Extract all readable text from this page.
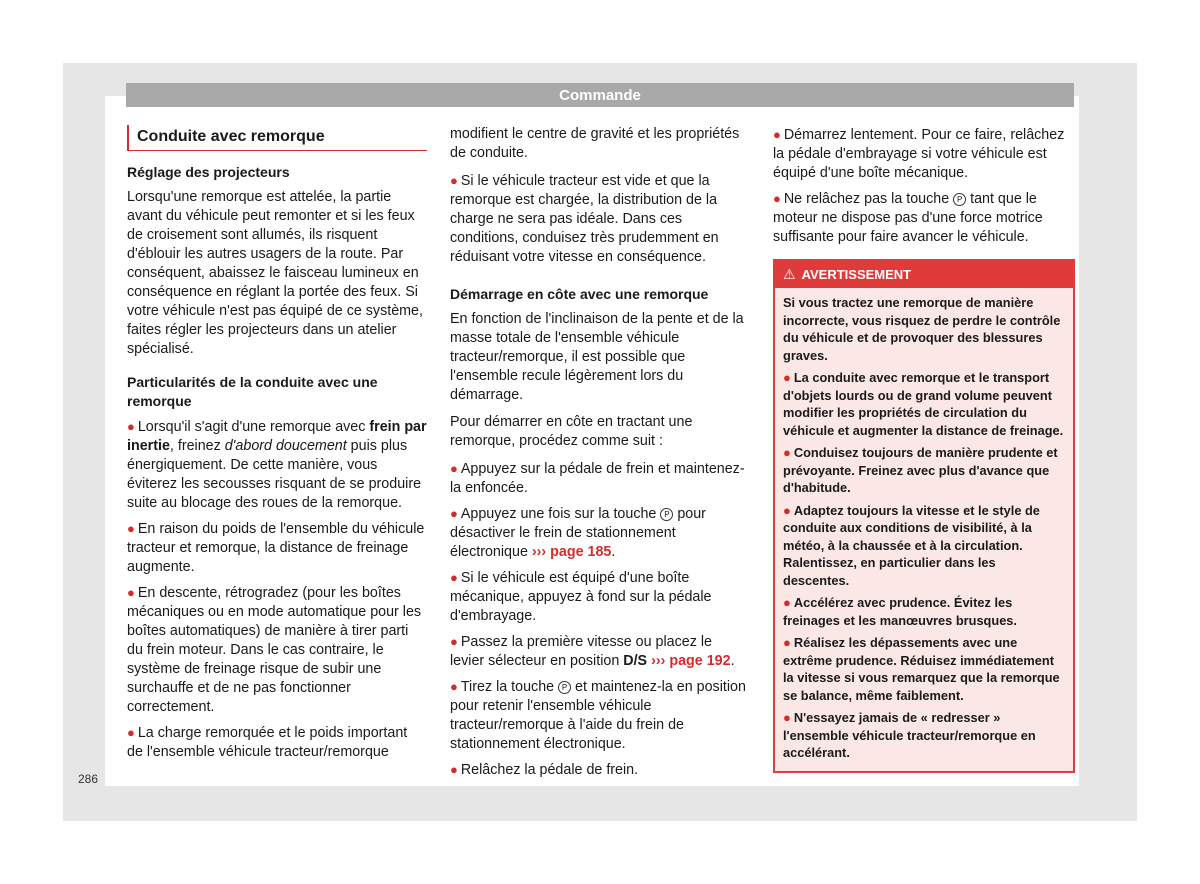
Commande
286
Conduite avec remorque
Réglage des projecteurs

Lorsqu'une remorque est attelée, la partie avant du véhicule peut remonter et si les feux de croisement sont allumés, ils risquent d'éblouir les autres usagers de la route. Par conséquent, abaissez le faisceau lumineux en conséquence en réglant la portée des feux. Si votre véhicule n'est pas équipé de ce système, faites régler les projecteurs dans un atelier spécialisé.

Particularités de la conduite avec une remorque
● Lorsqu'il s'agit d'une remorque avec frein par inertie, freinez d'abord doucement puis plus énergiquement. De cette manière, vous éviterez les secousses risquant de se produire suite au blocage des roues de la remorque.
● En raison du poids de l'ensemble du véhicule tracteur et remorque, la distance de freinage augmente.
● En descente, rétrogradez (pour les boîtes mécaniques ou en mode automatique pour les boîtes automatiques) de manière à tirer parti du frein moteur. Dans le cas contraire, le système de freinage risque de subir une surchauffe et de ne pas fonctionner correctement.
● La charge remorquée et le poids important de l'ensemble véhicule tracteur/remorque

modifient le centre de gravité et les propriétés de conduite.

● Si le véhicule tracteur est vide et que la remorque est chargée, la distribution de la charge ne sera pas idéale. Dans ces conditions, conduisez très prudemment en réduisant votre vitesse en conséquence.
Démarrage en côte avec une remorque

En fonction de l'inclinaison de la pente et de la masse totale de l'ensemble véhicule tracteur/remorque, il est possible que l'ensemble recule légèrement lors du démarrage.

Pour démarrer en côte en tractant une remorque, procédez comme suit :

● Appuyez sur la pédale de frein et maintenez-la enfoncée.
● Appuyez une fois sur la touche P pour désactiver le frein de stationnement électronique ››› page 185.
● Si le véhicule est équipé d'une boîte mécanique, appuyez à fond sur la pédale d'embrayage.
● Passez la première vitesse ou placez le levier sélecteur en position D/S ››› page 192.
● Tirez la touche P et maintenez-la en position pour retenir l'ensemble véhicule tracteur/remorque à l'aide du frein de stationnement électronique.
● Relâchez la pédale de frein.
● Démarrez lentement. Pour ce faire, relâchez la pédale d'embrayage si votre véhicule est équipé d'une boîte mécanique.
● Ne relâchez pas la touche P tant que le moteur ne dispose pas d'une force motrice suffisante pour faire avancer le véhicule.
⚠ AVERTISSEMENT

Si vous tractez une remorque de manière incorrecte, vous risquez de perdre le contrôle du véhicule et de provoquer des blessures graves.

● La conduite avec remorque et le transport d'objets lourds ou de grand volume peuvent modifier les propriétés de circulation du véhicule et augmenter la distance de freinage.

● Conduisez toujours de manière prudente et prévoyante. Freinez avec plus d'avance que d'habitude.

● Adaptez toujours la vitesse et le style de conduite aux conditions de visibilité, à la météo, à la chaussée et à la circulation. Ralentissez, en particulier dans les descentes.

● Accélérez avec prudence. Évitez les freinages et les manœuvres brusques.

● Réalisez les dépassements avec une extrême prudence. Réduisez immédiatement la vitesse si vous remarquez que la remorque se balance, même faiblement.

● N'essayez jamais de « redresser » l'ensemble véhicule tracteur/remorque en accélérant.
